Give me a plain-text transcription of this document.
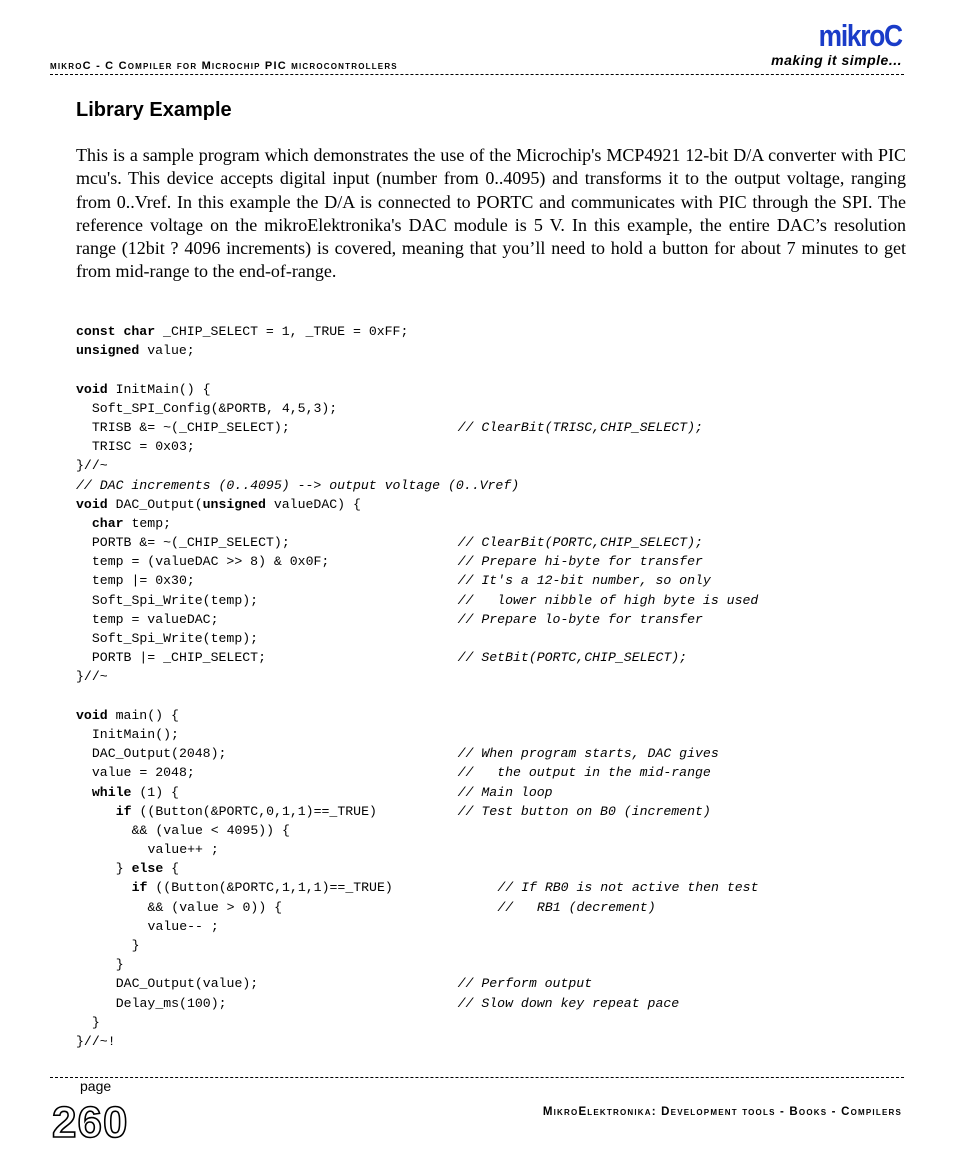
mikroC - C Compiler for Microchip PIC microcontrollers
mikroC
making it simple...
Library Example

This is a sample program which demonstrates the use of the Microchip's MCP4921 12-bit D/A converter with PIC mcu's. This device accepts digital input (number from 0..4095) and transforms it to the output voltage, ranging from 0..Vref. In this example the D/A is connected to PORTC and communicates with PIC through the SPI. The reference voltage on the mikroElektronika's DAC module is 5 V. In this example, the entire DAC’s resolution range (12bit ? 4096 increments) is covered, meaning that you’ll need to hold a button for about 7 minutes to get from mid-range to the end-of-range.

const char _CHIP_SELECT = 1, _TRUE = 0xFF;
unsigned value;
void InitMain() {
Soft_SPI_Config(&PORTB, 4,5,3);
TRISB &= ~(_CHIP_SELECT);	// ClearBit(TRISC,CHIP_SELECT);
TRISC = 0x03;
}//~
// DAC increments (0..4095) --> output voltage (0..Vref)
void DAC_Output(unsigned valueDAC) {
char temp;
PORTB &= ~(_CHIP_SELECT);	// ClearBit(PORTC,CHIP_SELECT);
temp = (valueDAC >> 8) & 0x0F;	// Prepare hi-byte for transfer
temp |= 0x30;	// It's a 12-bit number, so only
Soft_Spi_Write(temp);	//   lower nibble of high byte is used
temp = valueDAC;	// Prepare lo-byte for transfer
Soft_Spi_Write(temp);
PORTB |= _CHIP_SELECT;	// SetBit(PORTC,CHIP_SELECT);
}//~
void main() {
InitMain();
DAC_Output(2048);	// When program starts, DAC gives
value = 2048;	//   the output in the mid-range
while (1) {	// Main loop
if ((Button(&PORTC,0,1,1)==_TRUE)	// Test button on B0 (increment)
&& (value < 4095)) {
value++ ;
} else {
if ((Button(&PORTC,1,1,1)==_TRUE)	// If RB0 is not active then test
&& (value > 0)) {	//   RB1 (decrement)
value-- ;
}
}
DAC_Output(value);	// Perform output
Delay_ms(100);	// Slow down key repeat pace
}
}//~!
page
260	MikroElektronika: Development tools - Books - Compilers
